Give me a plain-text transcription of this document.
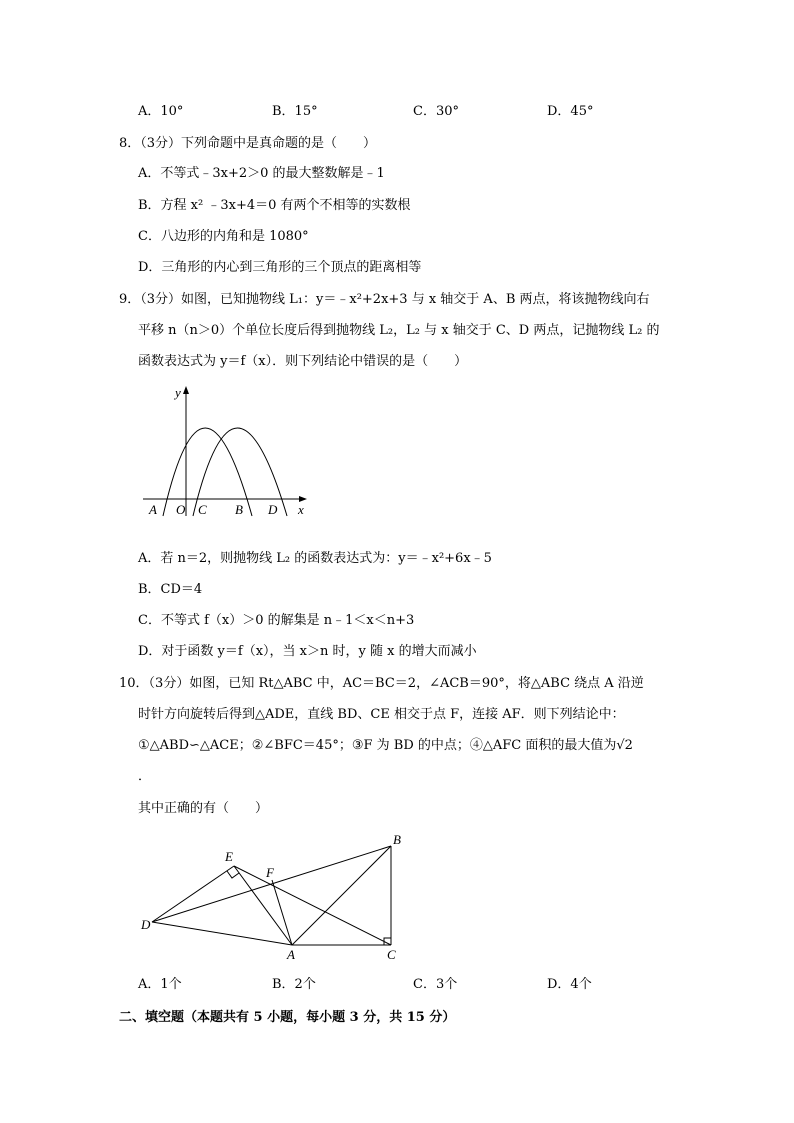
A．10°	B．15°	C．30°	D．45°
8．（3分）下列命题中是真命题的是（　　）
A．不等式﹣3x+2＞0 的最大整数解是﹣1
B．方程 x² ﹣3x+4＝0 有两个不相等的实数根
C．八边形的内角和是 1080°
D．三角形的内心到三角形的三个顶点的距离相等
9．（3分）如图，已知抛物线 L₁：y＝﹣x²+2x+3 与 x 轴交于 A、B 两点，将该抛物线向右
平移 n（n＞0）个单位长度后得到抛物线 L₂，L₂ 与 x 轴交于 C、D 两点，记抛物线 L₂ 的
函数表达式为 y＝f（x）．则下列结论中错误的是（　　）
y
x
A O C B D
A．若 n＝2，则抛物线 L₂ 的函数表达式为：y＝﹣x²+6x﹣5
B．CD＝4
C．不等式 f（x）＞0 的解集是 n﹣1＜x＜n+3
D．对于函数 y＝f（x），当 x＞n 时，y 随 x 的增大而减小
10．（3分）如图，已知 Rt△ABC 中，AC＝BC＝2，∠ACB＝90°，将△ABC 绕点 A 沿逆
时针方向旋转后得到△ADE，直线 BD、CE 相交于点 F，连接 AF．则下列结论中：
①△ABD∽△ACE；②∠BFC＝45°；③F 为 BD 的中点；④△AFC 面积的最大值为√2
．
其中正确的有（　　）
E
F
B
D
A	C
A．1个	B．2个	C．3个	D．4个
二、填空题（本题共有 5 小题，每小题 3 分，共 15 分）
